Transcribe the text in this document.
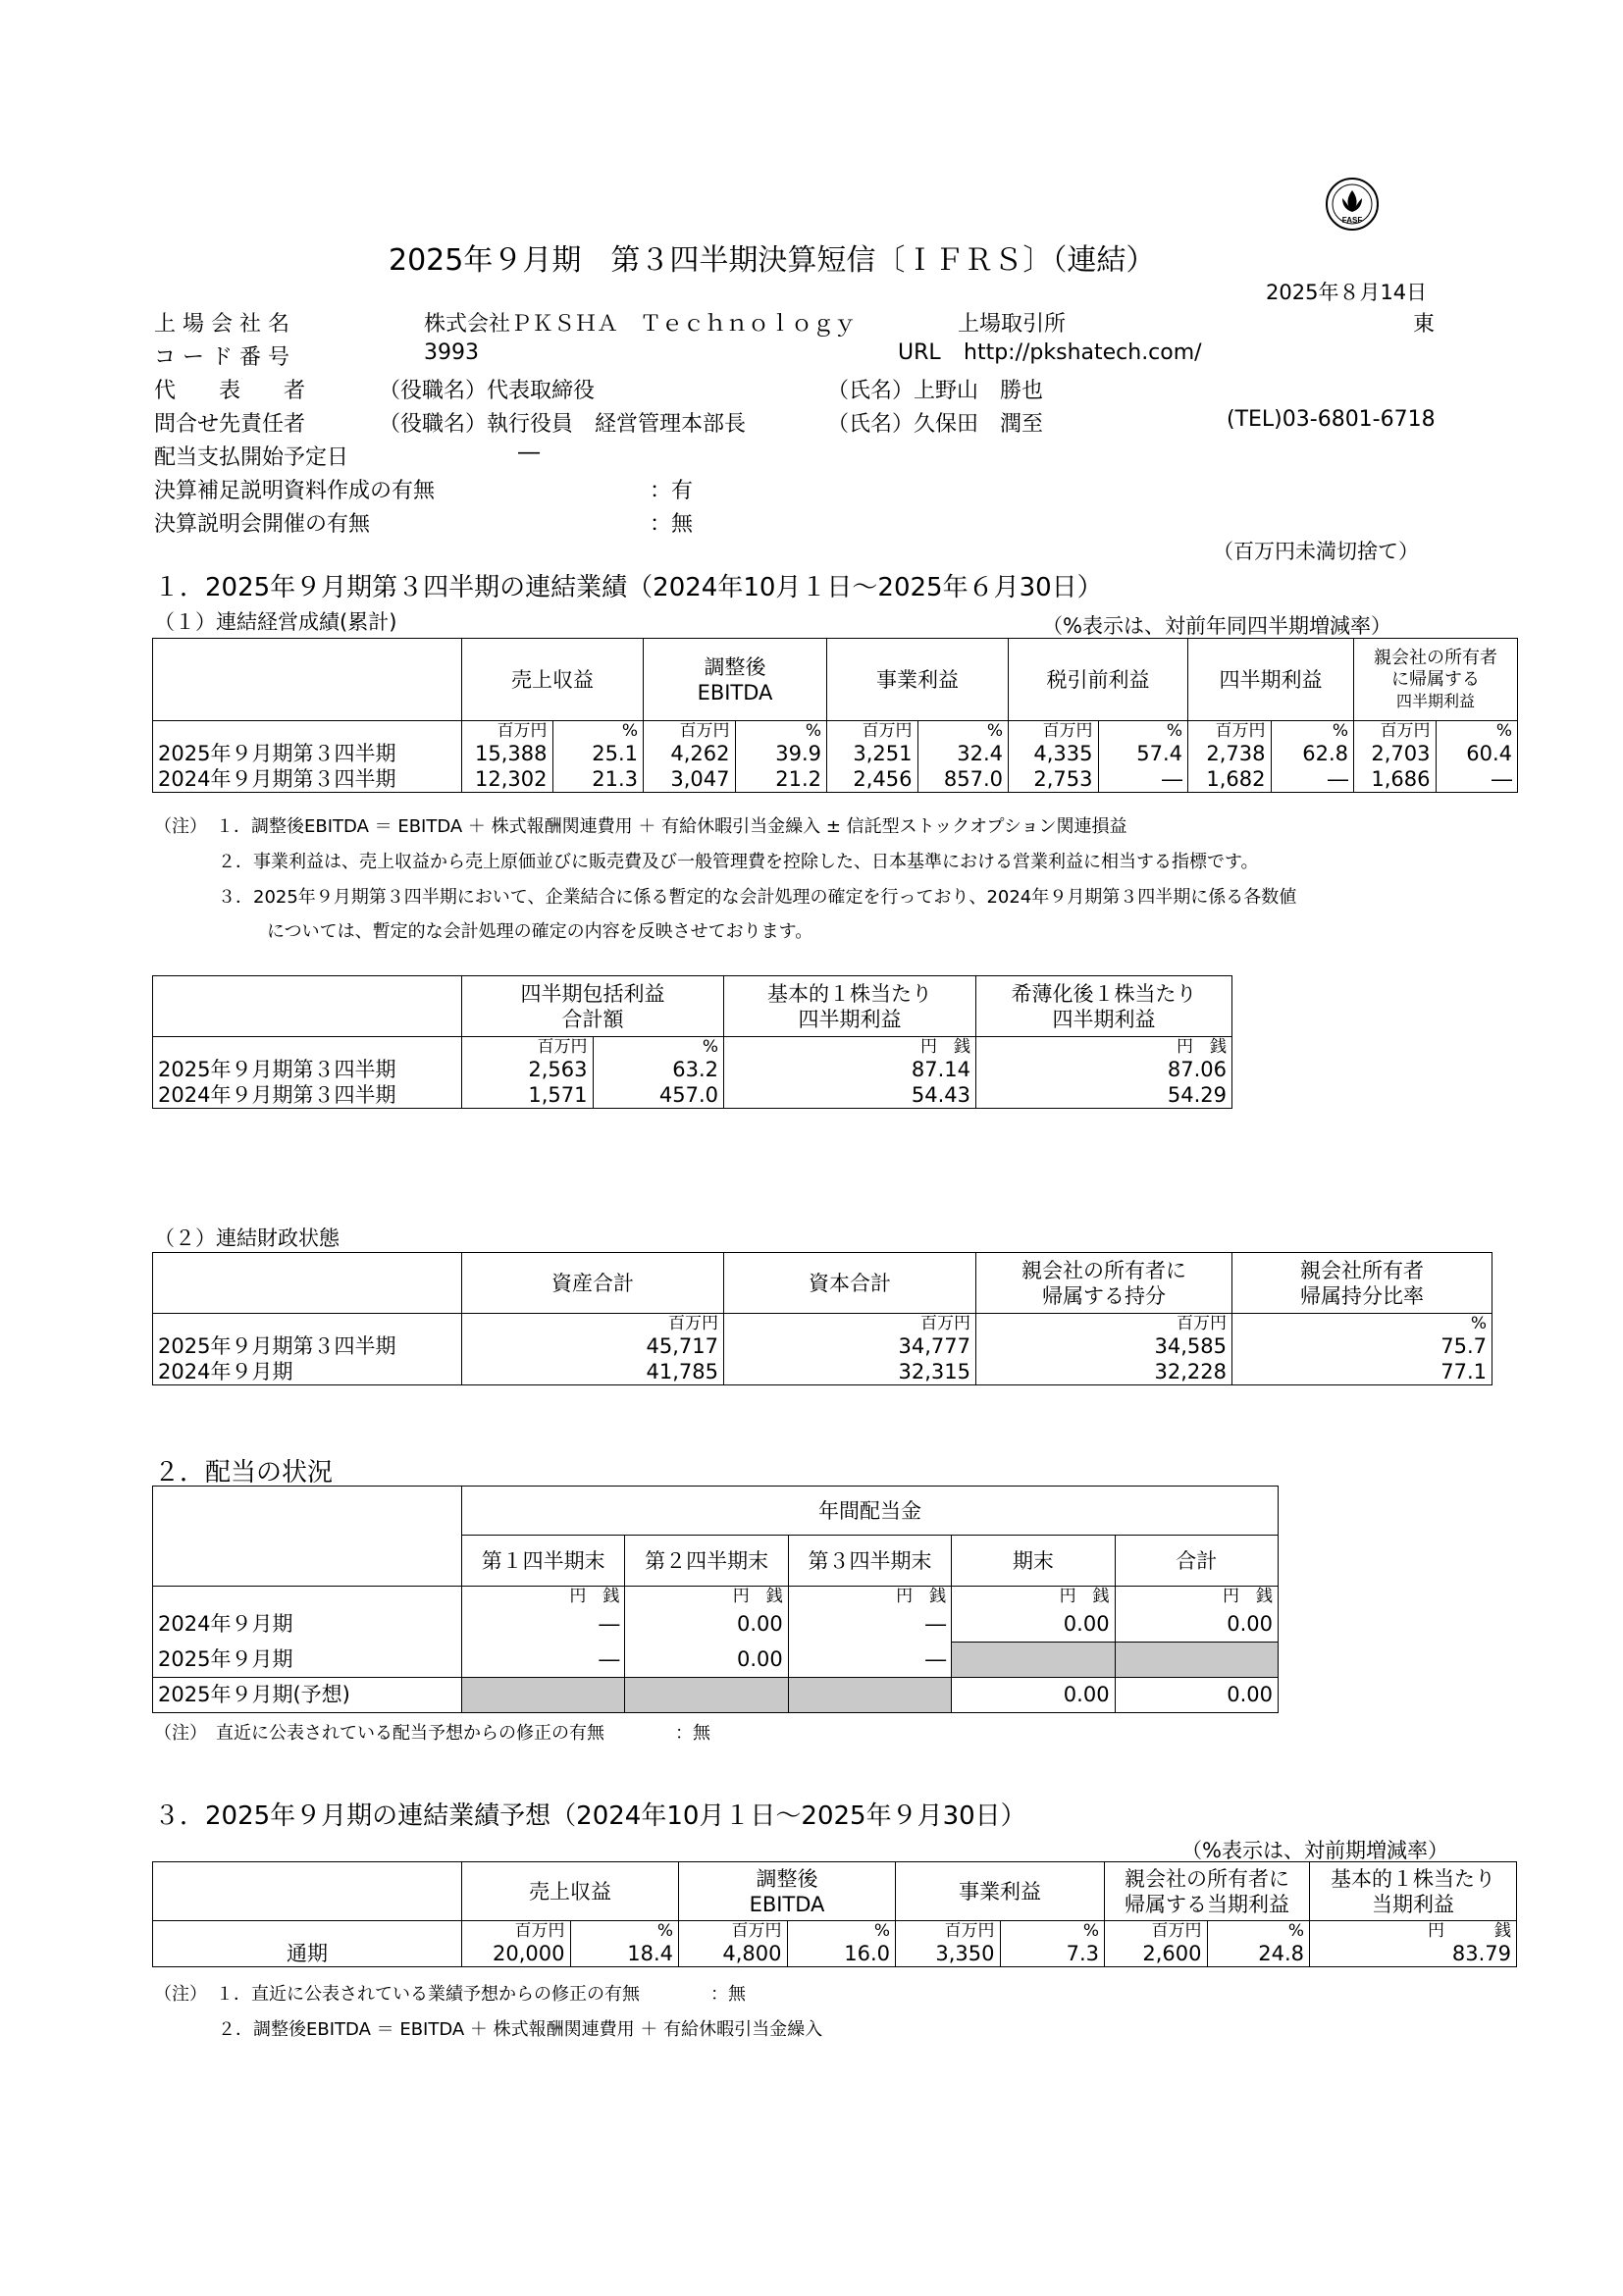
FASF
2025年９月期　第３四半期決算短信〔ＩＦＲＳ〕（連結）
2025年８月14日
上 場 会 社 名	株式会社ＰＫＳＨＡ　Ｔｅｃｈｎｏｌｏｇｙ	上場取引所	東
コ ー ド 番 号	3993	URL http://pkshatech.com/
代　　表　　者	（役職名）代表取締役	（氏名）上野山　勝也
問合せ先責任者	（役職名）執行役員　経営管理本部長	（氏名）久保田　潤至	(TEL)03-6801-6718
配当支払開始予定日	―
決算補足説明資料作成の有無	：有
決算説明会開催の有無	：無
（百万円未満切捨て）
１．2025年９月期第３四半期の連結業績（2024年10月１日～2025年６月30日）
（１）連結経営成績(累計)	（%表示は、対前年同四半期増減率）
	売上収益		調整後
EBITDA		事業利益		税引前利益		四半期利益		親会社の所有者
に帰属する
四半期利益	
	百万円	%	百万円	%	百万円	%	百万円	%	百万円	%	百万円	%
2025年９月期第３四半期	15,388	25.1	4,262	39.9	3,251	32.4	4,335	57.4	2,738	62.8	2,703	60.4
2024年９月期第３四半期	12,302	21.3	3,047	21.2	2,456	857.0	2,753	―	1,682	―	1,686	―
（注）　１．調整後EBITDA ＝ EBITDA ＋ 株式報酬関連費用 ＋ 有給休暇引当金繰入 ± 信託型ストックオプション関連損益
２．事業利益は、売上収益から売上原価並びに販売費及び一般管理費を控除した、日本基準における営業利益に相当する指標です。
３．2025年９月期第３四半期において、企業結合に係る暫定的な会計処理の確定を行っており、2024年９月期第３四半期に係る各数値
については、暫定的な会計処理の確定の内容を反映させております。
	四半期包括利益
合計額		基本的１株当たり
四半期利益	希薄化後１株当たり
四半期利益
	百万円	%	円　銭	円　銭
2025年９月期第３四半期	2,563	63.2	87.14	87.06
2024年９月期第３四半期	1,571	457.0	54.43	54.29
（２）連結財政状態
	資産合計	資本合計	親会社の所有者に
帰属する持分	親会社所有者
帰属持分比率
	百万円	百万円	百万円	%
2025年９月期第３四半期	45,717	34,777	34,585	75.7
2024年９月期	41,785	32,315	32,228	77.1
２．配当の状況
	年間配当金				
	第１四半期末	第２四半期末	第３四半期末	期末	合計
	円　銭	円　銭	円　銭	円　銭	円　銭
2024年９月期	―	0.00	―	0.00	0.00
2025年９月期	―	0.00	―		
2025年９月期(予想)				0.00	0.00
（注）　直近に公表されている配当予想からの修正の有無　　　　：無
３．2025年９月期の連結業績予想（2024年10月１日～2025年９月30日）
（%表示は、対前期増減率）
	売上収益		調整後
EBITDA		事業利益		親会社の所有者に
帰属する当期利益		基本的１株当たり
当期利益
	百万円	%	百万円	%	百万円	%	百万円	%	円　　　銭
通期	20,000	18.4	4,800	16.0	3,350	7.3	2,600	24.8	83.79
（注）　１．直近に公表されている業績予想からの修正の有無　　　　：無
２．調整後EBITDA ＝ EBITDA ＋ 株式報酬関連費用 ＋ 有給休暇引当金繰入
